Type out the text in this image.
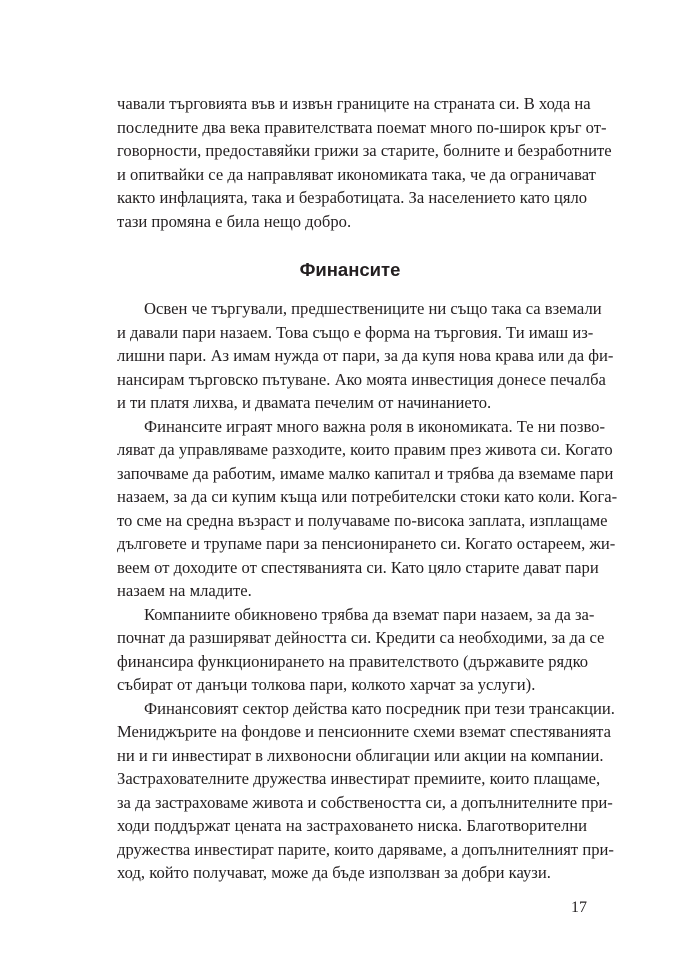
чавали търговията във и извън границите на страната си. В хода на
последните два века правителствата поемат много по-широк кръг от-
говорности, предоставяйки грижи за старите, болните и безработните
и опитвайки се да направляват икономиката така, че да ограничават
както инфлацията, така и безработицата. За населението като цяло
тази промяна е била нещо добро.
Финансите
Освен че търгували, предшествениците ни също така са вземали
и давали пари назаем. Това също е форма на търговия. Ти имаш из-
лишни пари. Аз имам нужда от пари, за да купя нова крава или да фи-
нансирам търговско пътуване. Ако моята инвестиция донесе печалба
и ти платя лихва, и двамата печелим от начинанието.
Финансите играят много важна роля в икономиката. Те ни позво-
ляват да управляваме разходите, които правим през живота си. Когато
започваме да работим, имаме малко капитал и трябва да вземаме пари
назаем, за да си купим къща или потребителски стоки като коли. Кога-
то сме на средна възраст и получаваме по-висока заплата, изплащаме
дълговете и трупаме пари за пенсионирането си. Когато остареем, жи-
веем от доходите от спестяванията си. Като цяло старите дават пари
назаем на младите.
Компаниите обикновено трябва да вземат пари назаем, за да за-
почнат да разширяват дейността си. Кредити са необходими, за да се
финансира функционирането на правителството (държавите рядко
събират от данъци толкова пари, колкото харчат за услуги).
Финансовият сектор действа като посредник при тези трансакции.
Мениджърите на фондове и пенсионните схеми вземат спестяванията
ни и ги инвестират в лихвоносни облигации или акции на компании.
Застрахователните дружества инвестират премиите, които плащаме,
за да застраховаме живота и собствеността си, а допълнителните при-
ходи поддържат цената на застраховането ниска. Благотворителни
дружества инвестират парите, които даряваме, а допълнителният при-
ход, който получават, може да бъде използван за добри каузи.
17
